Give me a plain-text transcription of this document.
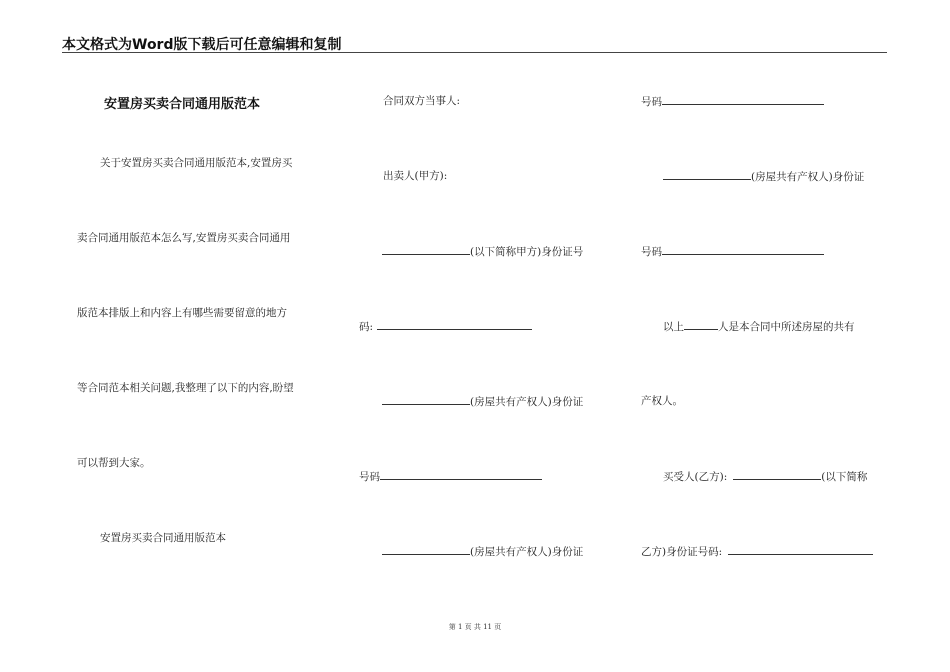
本文格式为Word版下载后可任意编辑和复制
安置房买卖合同通用版范本
关于安置房买卖合同通用版范本,安置房买
卖合同通用版范本怎么写,安置房买卖合同通用
版范本排版上和内容上有哪些需要留意的地方
等合同范本相关问题,我整理了以下的内容,盼望
可以帮到大家。
安置房买卖合同通用版范本
合同双方当事人:
出卖人(甲方):
(以下简称甲方)身份证号
码:
(房屋共有产权人)身份证
号码
(房屋共有产权人)身份证
号码
(房屋共有产权人)身份证
号码
以上	人是本合同中所述房屋的共有
产权人。
买受人(乙方):	(以下简称
乙方)身份证号码:
第 1 页 共 11 页
